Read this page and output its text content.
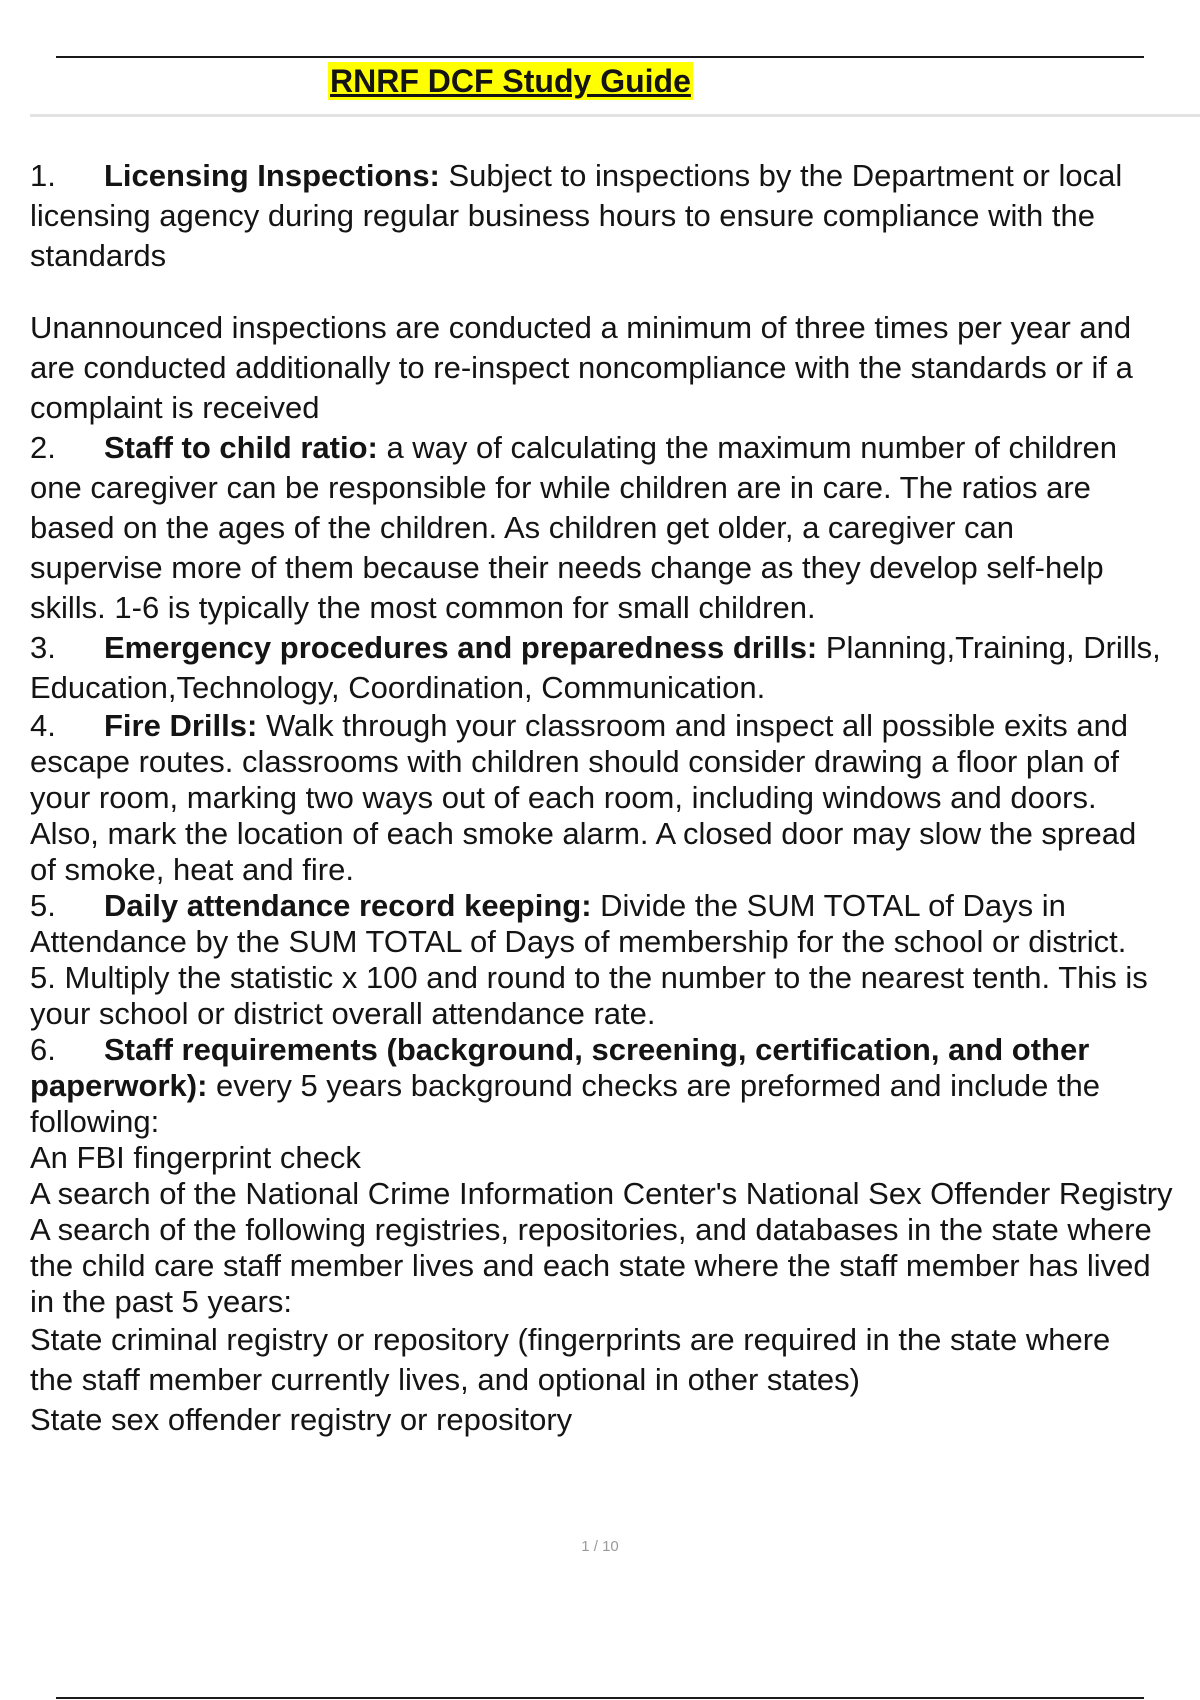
RNRF DCF Study Guide
1. Licensing Inspections: Subject to inspections by the Department or local
licensing agency during regular business hours to ensure compliance with the
standards
Unannounced inspections are conducted a minimum of three times per year and
are conducted additionally to re-inspect noncompliance with the standards or if a
complaint is received
2. Staff to child ratio: a way of calculating the maximum number of children
one caregiver can be responsible for while children are in care. The ratios are
based on the ages of the children. As children get older, a caregiver can
supervise more of them because their needs change as they develop self-help
skills. 1-6 is typically the most common for small children.
3. Emergency procedures and preparedness drills: Planning,Training, Drills,
Education,Technology, Coordination, Communication.
4. Fire Drills: Walk through your classroom and inspect all possible exits and
escape routes. classrooms with children should consider drawing a floor plan of
your room, marking two ways out of each room, including windows and doors.
Also, mark the location of each smoke alarm. A closed door may slow the spread
of smoke, heat and fire.
5. Daily attendance record keeping: Divide the SUM TOTAL of Days in
Attendance by the SUM TOTAL of Days of membership for the school or district.
5. Multiply the statistic x 100 and round to the number to the nearest tenth. This is
your school or district overall attendance rate.
6. Staff requirements (background, screening, certification, and other
paperwork): every 5 years background checks are preformed and include the
following:
An FBI fingerprint check
A search of the National Crime Information Center's National Sex Offender Registry
A search of the following registries, repositories, and databases in the state where
the child care staff member lives and each state where the staff member has lived
in the past 5 years:
State criminal registry or repository (fingerprints are required in the state where
the staff member currently lives, and optional in other states)
State sex offender registry or repository
1 / 10
